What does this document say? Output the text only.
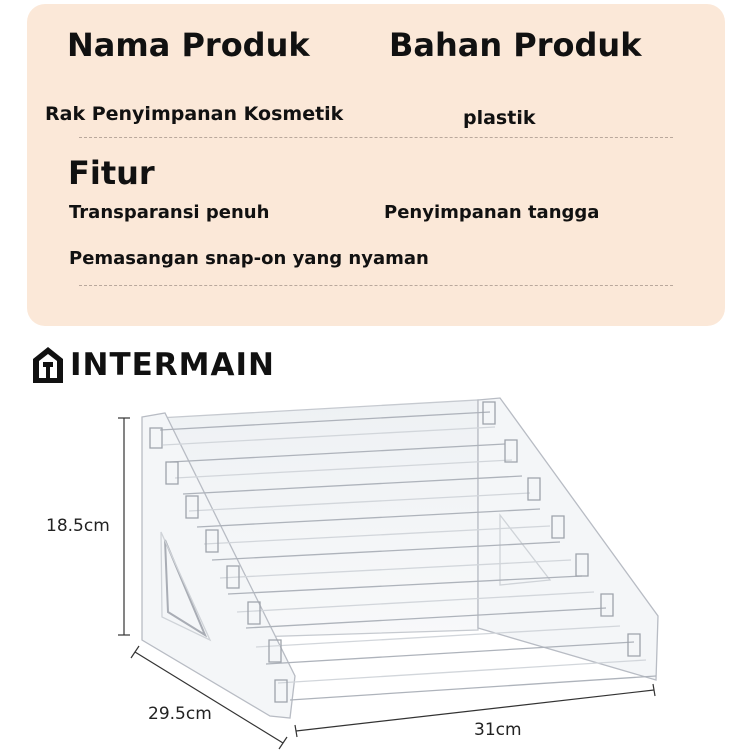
Nama Produk Bahan Produk
Rak Penyimpanan Kosmetik	plastik
Fitur
Transparansi penuh	Penyimpanan tangga
Pemasangan snap-on yang nyaman
INTERMAIN
18.5cm
29.5cm
31cm
